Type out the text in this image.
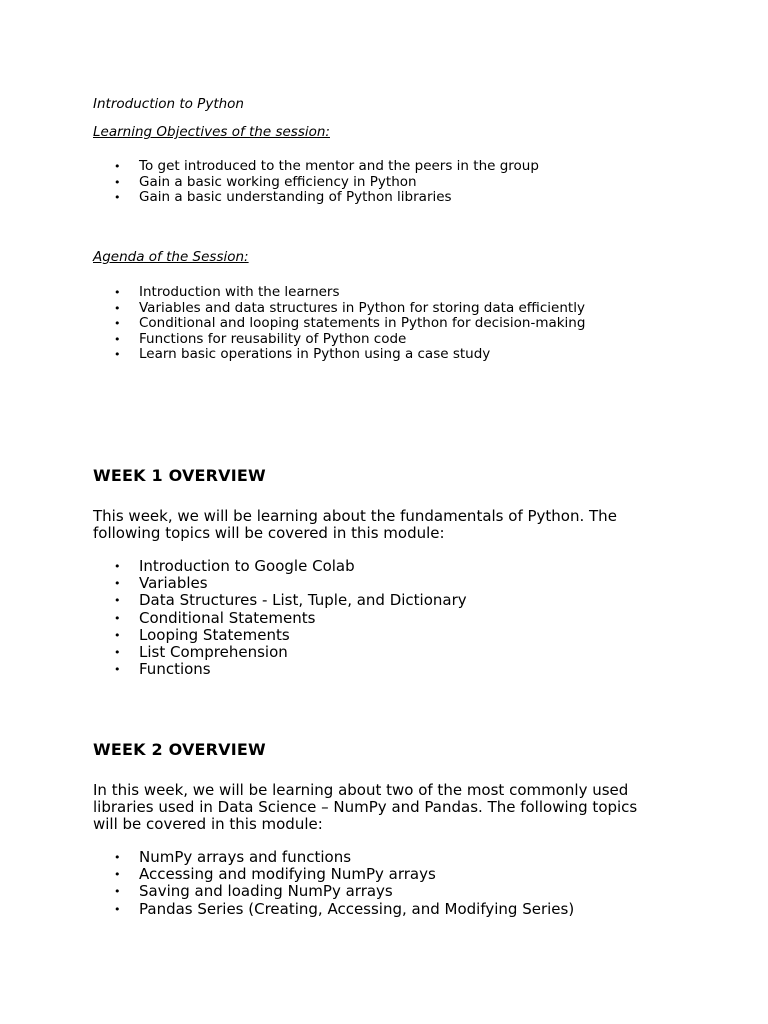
Introduction to Python
Learning Objectives of the session:
• To get introduced to the mentor and the peers in the group
• Gain a basic working efficiency in Python
• Gain a basic understanding of Python libraries
Agenda of the Session:
• Introduction with the learners
• Variables and data structures in Python for storing data efficiently
• Conditional and looping statements in Python for decision-making
• Functions for reusability of Python code
• Learn basic operations in Python using a case study
WEEK 1 OVERVIEW
This week, we will be learning about the fundamentals of Python. The following topics will be covered in this module:
• Introduction to Google Colab
• Variables
• Data Structures - List, Tuple, and Dictionary
• Conditional Statements
• Looping Statements
• List Comprehension
• Functions
WEEK 2 OVERVIEW
In this week, we will be learning about two of the most commonly used libraries used in Data Science – NumPy and Pandas. The following topics will be covered in this module:
• NumPy arrays and functions
• Accessing and modifying NumPy arrays
• Saving and loading NumPy arrays
• Pandas Series (Creating, Accessing, and Modifying Series)
